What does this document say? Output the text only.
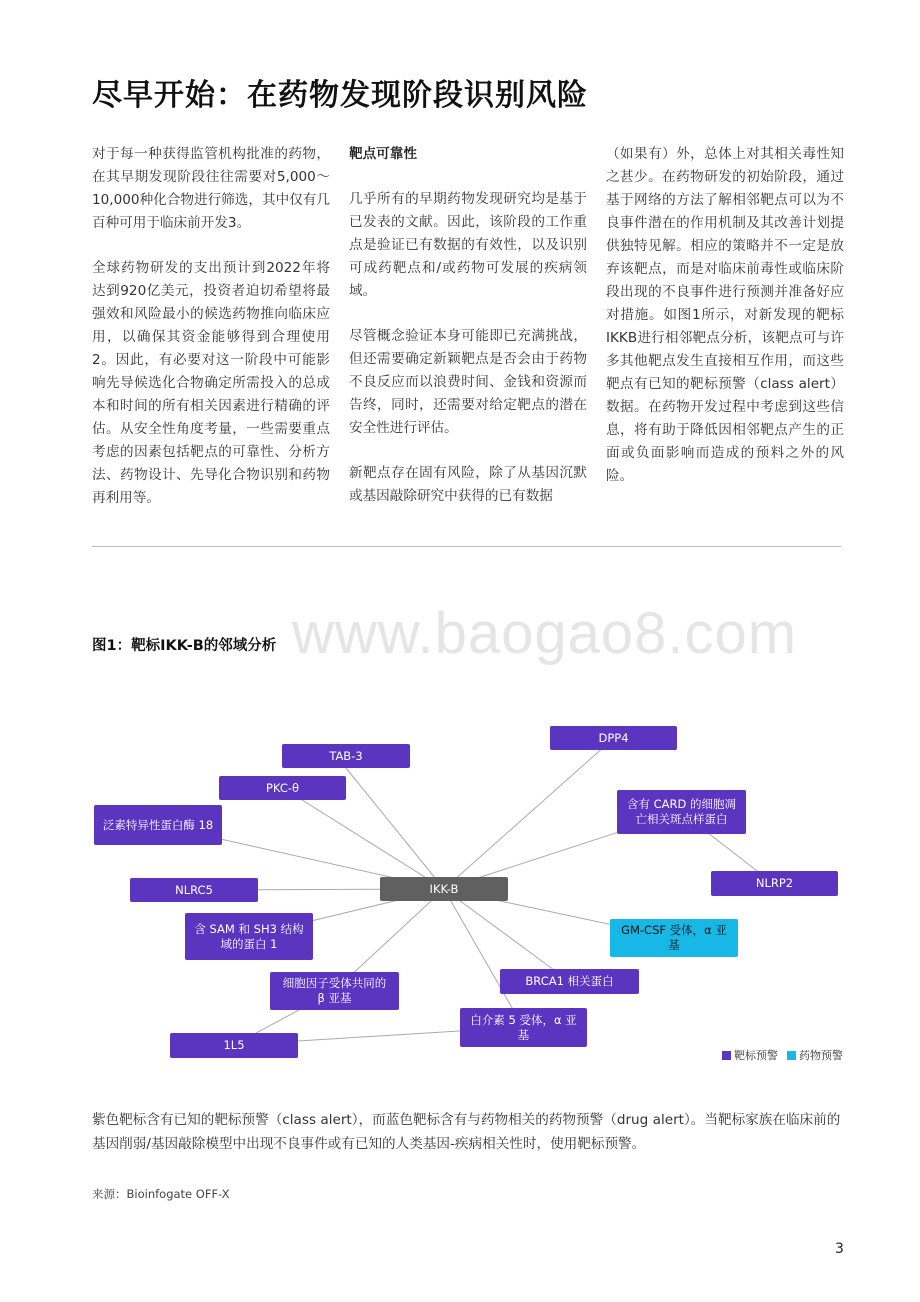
尽早开始：在药物发现阶段识别风险

对于每一种获得监管机构批准的药物，在其早期发现阶段往往需要对5,000〜10,000种化合物进行筛选，其中仅有几百种可用于临床前开发3。

全球药物研发的支出预计到2022年将达到920亿美元，投资者迫切希望将最强效和风险最小的候选药物推向临床应用，以确保其资金能够得到合理使用2。因此，有必要对这一阶段中可能影响先导候选化合物确定所需投入的总成本和时间的所有相关因素进行精确的评估。从安全性角度考量，一些需要重点考虑的因素包括靶点的可靠性、分析方法、药物设计、先导化合物识别和药物再利用等。

靶点可靠性

几乎所有的早期药物发现研究均是基于已发表的文献。因此，该阶段的工作重点是验证已有数据的有效性，以及识别可成药靶点和/或药物可发展的疾病领域。

尽管概念验证本身可能即已充满挑战，但还需要确定新颖靶点是否会由于药物不良反应而以浪费时间、金钱和资源而告终，同时，还需要对给定靶点的潜在安全性进行评估。

新靶点存在固有风险，除了从基因沉默或基因敲除研究中获得的已有数据

（如果有）外，总体上对其相关毒性知之甚少。在药物研发的初始阶段，通过基于网络的方法了解相邻靶点可以为不良事件潜在的作用机制及其改善计划提供独特见解。相应的策略并不一定是放弃该靶点，而是对临床前毒性或临床阶段出现的不良事件进行预测并准备好应对措施。如图1所示，对新发现的靶标IKKB进行相邻靶点分析，该靶点可与许多其他靶点发生直接相互作用，而这些靶点有已知的靶标预警（class alert）数据。在药物开发过程中考虑到这些信息，将有助于降低因相邻靶点产生的正面或负面影响而造成的预料之外的风险。

www.baogao8.com
图1：靶标IKK-B的邻域分析
IKK-B
TAB-3
DPP4
PKC-θ
含有 CARD 的细胞凋亡相关斑点样蛋白
泛素特异性蛋白酶 18
NLRC5	NLRP2
含 SAM 和 SH3 结构域的蛋白 1
GM-CSF 受体，α 亚基
BRCA1 相关蛋白
细胞因子受体共同的 β 亚基
白介素 5 受体，α 亚基
1L5
靶标预警 药物预警

紫色靶标含有已知的靶标预警（class alert），而蓝色靶标含有与药物相关的药物预警（drug alert）。当靶标家族在临床前的基因削弱/基因敲除模型中出现不良事件或有已知的人类基因-疾病相关性时，使用靶标预警。

来源：Bioinfogate OFF-X

3
